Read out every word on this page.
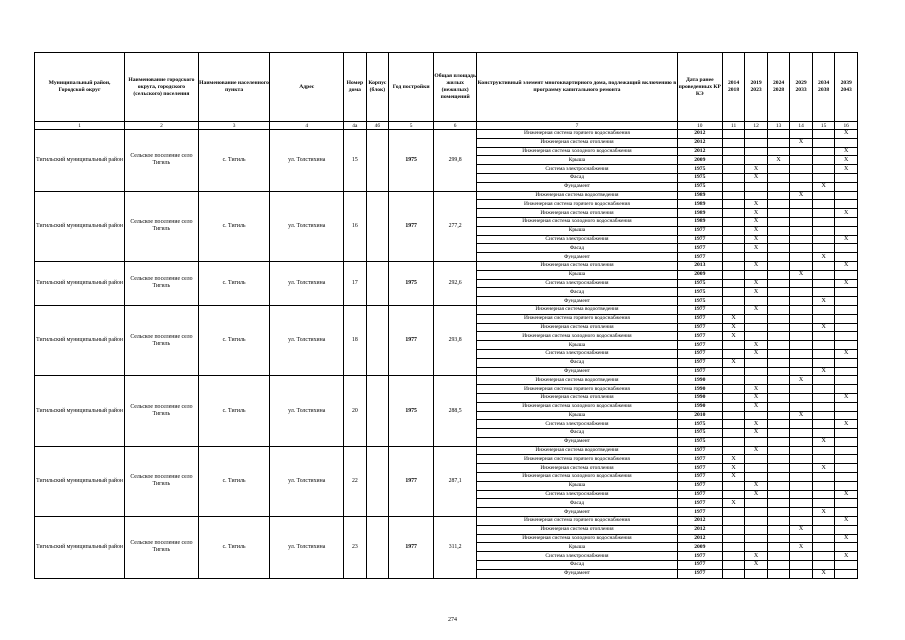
Муниципальный район, Городской округ	Наименование городского округа, городского (сельского) поселения	Наименование населенного пункта	Адрес	Номер дома	Корпус (блок)	Год постройки	Общая площадь жилых (нежилых) помещений	Конструктивный элемент многоквартирного дома, подлежащий включению в программу капитального ремонта	Дата ранее проведенных КР КЭ	2014 2018	2019 2023	2024 2028	2029 2033	2034 2038	2039 2043
1	2	3	4	4а	4б	5	6	7	10	11	12	13	14	15	16
Тигильский муниципальный район	Сельское поселение село Тигиль	с. Тигиль	ул. Толстихина	15		1975	299,8	Инженерная система горячего водоснабжения	2012						X
								Инженерная система отопления	2012				X		
								Инженерная система холодного водоснабжения	2012						X
								Крыша	2009			X			X
								Система электроснабжения	1975		X				X
								Фасад	1975		X				
								Фундамент	1975					X	
Тигильский муниципальный район	Сельское поселение село Тигиль	с. Тигиль	ул. Толстихина	16		1977	277,2	Инженерная система водоотведения	1989				X		
								Инженерная система горячего водоснабжения	1989		X				
								Инженерная система отопления	1989		X				X
								Инженерная система холодного водоснабжения	1989		X				
								Крыша	1977		X				
								Система электроснабжения	1977		X				X
								Фасад	1977		X				
								Фундамент	1977					X	
Тигильский муниципальный район	Сельское поселение село Тигиль	с. Тигиль	ул. Толстихина	17		1975	292,6	Инженерная система отопления	2013		X				X
								Крыша	2009				X		
								Система электроснабжения	1975		X				X
								Фасад	1975		X				
								Фундамент	1975					X	
Тигильский муниципальный район	Сельское поселение село Тигиль	с. Тигиль	ул. Толстихина	18		1977	293,8	Инженерная система водоотведения	1977		X				
								Инженерная система горячего водоснабжения	1977	X					
								Инженерная система отопления	1977	X				X	
								Инженерная система холодного водоснабжения	1977	X					
								Крыша	1977		X				
								Система электроснабжения	1977		X				X
								Фасад	1977	X					
								Фундамент	1977					X	
Тигильский муниципальный район	Сельское поселение село Тигиль	с. Тигиль	ул. Толстихина	20		1975	288,5	Инженерная система водоотведения	1990				X		
								Инженерная система горячего водоснабжения	1990		X				
								Инженерная система отопления	1990		X				X
								Инженерная система холодного водоснабжения	1990		X				
								Крыша	2010				X		
								Система электроснабжения	1975		X				X
								Фасад	1975		X				
								Фундамент	1975					X	
Тигильский муниципальный район	Сельское поселение село Тигиль	с. Тигиль	ул. Толстихина	22		1977	287,1	Инженерная система водоотведения	1977		X				
								Инженерная система горячего водоснабжения	1977	X					
								Инженерная система отопления	1977	X				X	
								Инженерная система холодного водоснабжения	1977	X					
								Крыша	1977		X				
								Система электроснабжения	1977		X				X
								Фасад	1977	X					
								Фундамент	1977					X	
Тигильский муниципальный район	Сельское поселение село Тигиль	с. Тигиль	ул. Толстихина	23		1977	311,2	Инженерная система горячего водоснабжения	2012						X
								Инженерная система отопления	2012				X		
								Инженерная система холодного водоснабжения	2012						X
								Крыша	2009				X		
								Система электроснабжения	1977		X				X
								Фасад	1977		X				
								Фундамент	1977					X	
274
